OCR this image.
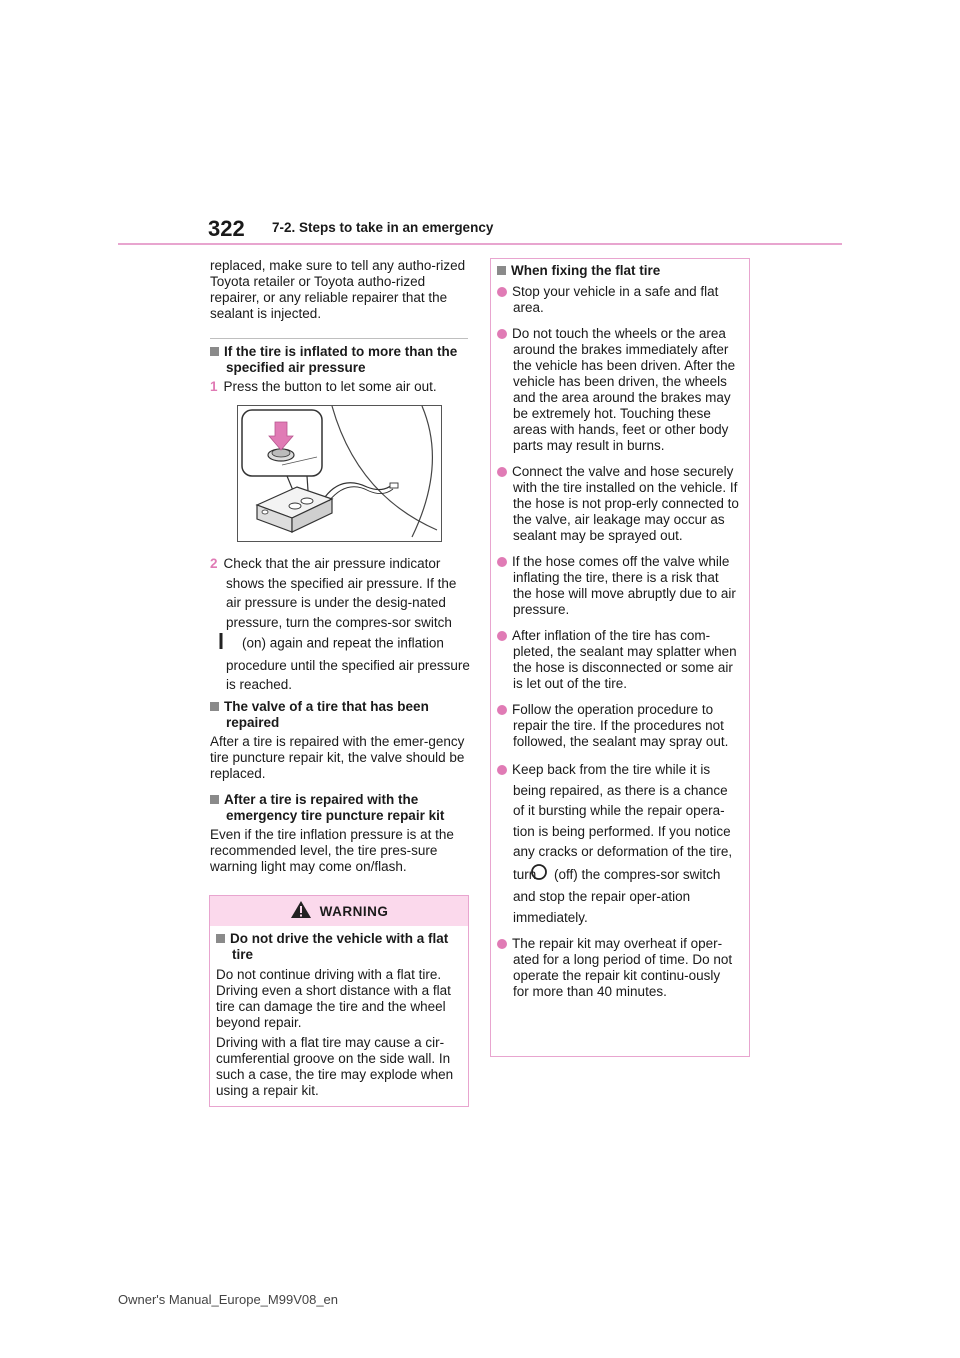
322 7-2. Steps to take in an emergency

replaced, make sure to tell any autho-rized Toyota retailer or Toyota autho-rized repairer, or any reliable repairer that the sealant is injected.

If the tire is inflated to more than the specified air pressure
1 Press the button to let some air out.
2 Check that the air pressure indicator shows the specified air pressure. If the air pressure is under the desig-nated pressure, turn the compres-sor switch (on) again and repeat the inflation procedure until the specified air pressure is reached.
The valve of a tire that has been repaired

After a tire is repaired with the emer-gency tire puncture repair kit, the valve should be replaced.

After a tire is repaired with the emergency tire puncture repair kit

Even if the tire inflation pressure is at the recommended level, the tire pres-sure warning light may come on/flash.

WARNING
Do not drive the vehicle with a flat tire

Do not continue driving with a flat tire. Driving even a short distance with a flat tire can damage the tire and the wheel beyond repair.

Driving with a flat tire may cause a cir-cumferential groove on the side wall. In such a case, the tire may explode when using a repair kit.

When fixing the flat tire
Stop your vehicle in a safe and flat area.
Do not touch the wheels or the area around the brakes immediately after the vehicle has been driven. After the vehicle has been driven, the wheels and the area around the brakes may be extremely hot. Touching these areas with hands, feet or other body parts may result in burns.
Connect the valve and hose securely with the tire installed on the vehicle. If the hose is not prop-erly connected to the valve, air leakage may occur as sealant may be sprayed out.
If the hose comes off the valve while inflating the tire, there is a risk that the hose will move abruptly due to air pressure.
After inflation of the tire has com-pleted, the sealant may splatter when the hose is disconnected or some air is let out of the tire.
Follow the operation procedure to repair the tire. If the procedures not followed, the sealant may spray out.
Keep back from the tire while it is being repaired, as there is a chance of it bursting while the repair opera-tion is being performed. If you notice any cracks or deformation of the tire, turn (off) the compres-sor switch and stop the repair oper-ation immediately.
The repair kit may overheat if oper-ated for a long period of time. Do not operate the repair kit continu-ously for more than 40 minutes.
Owner's Manual_Europe_M99V08_en
